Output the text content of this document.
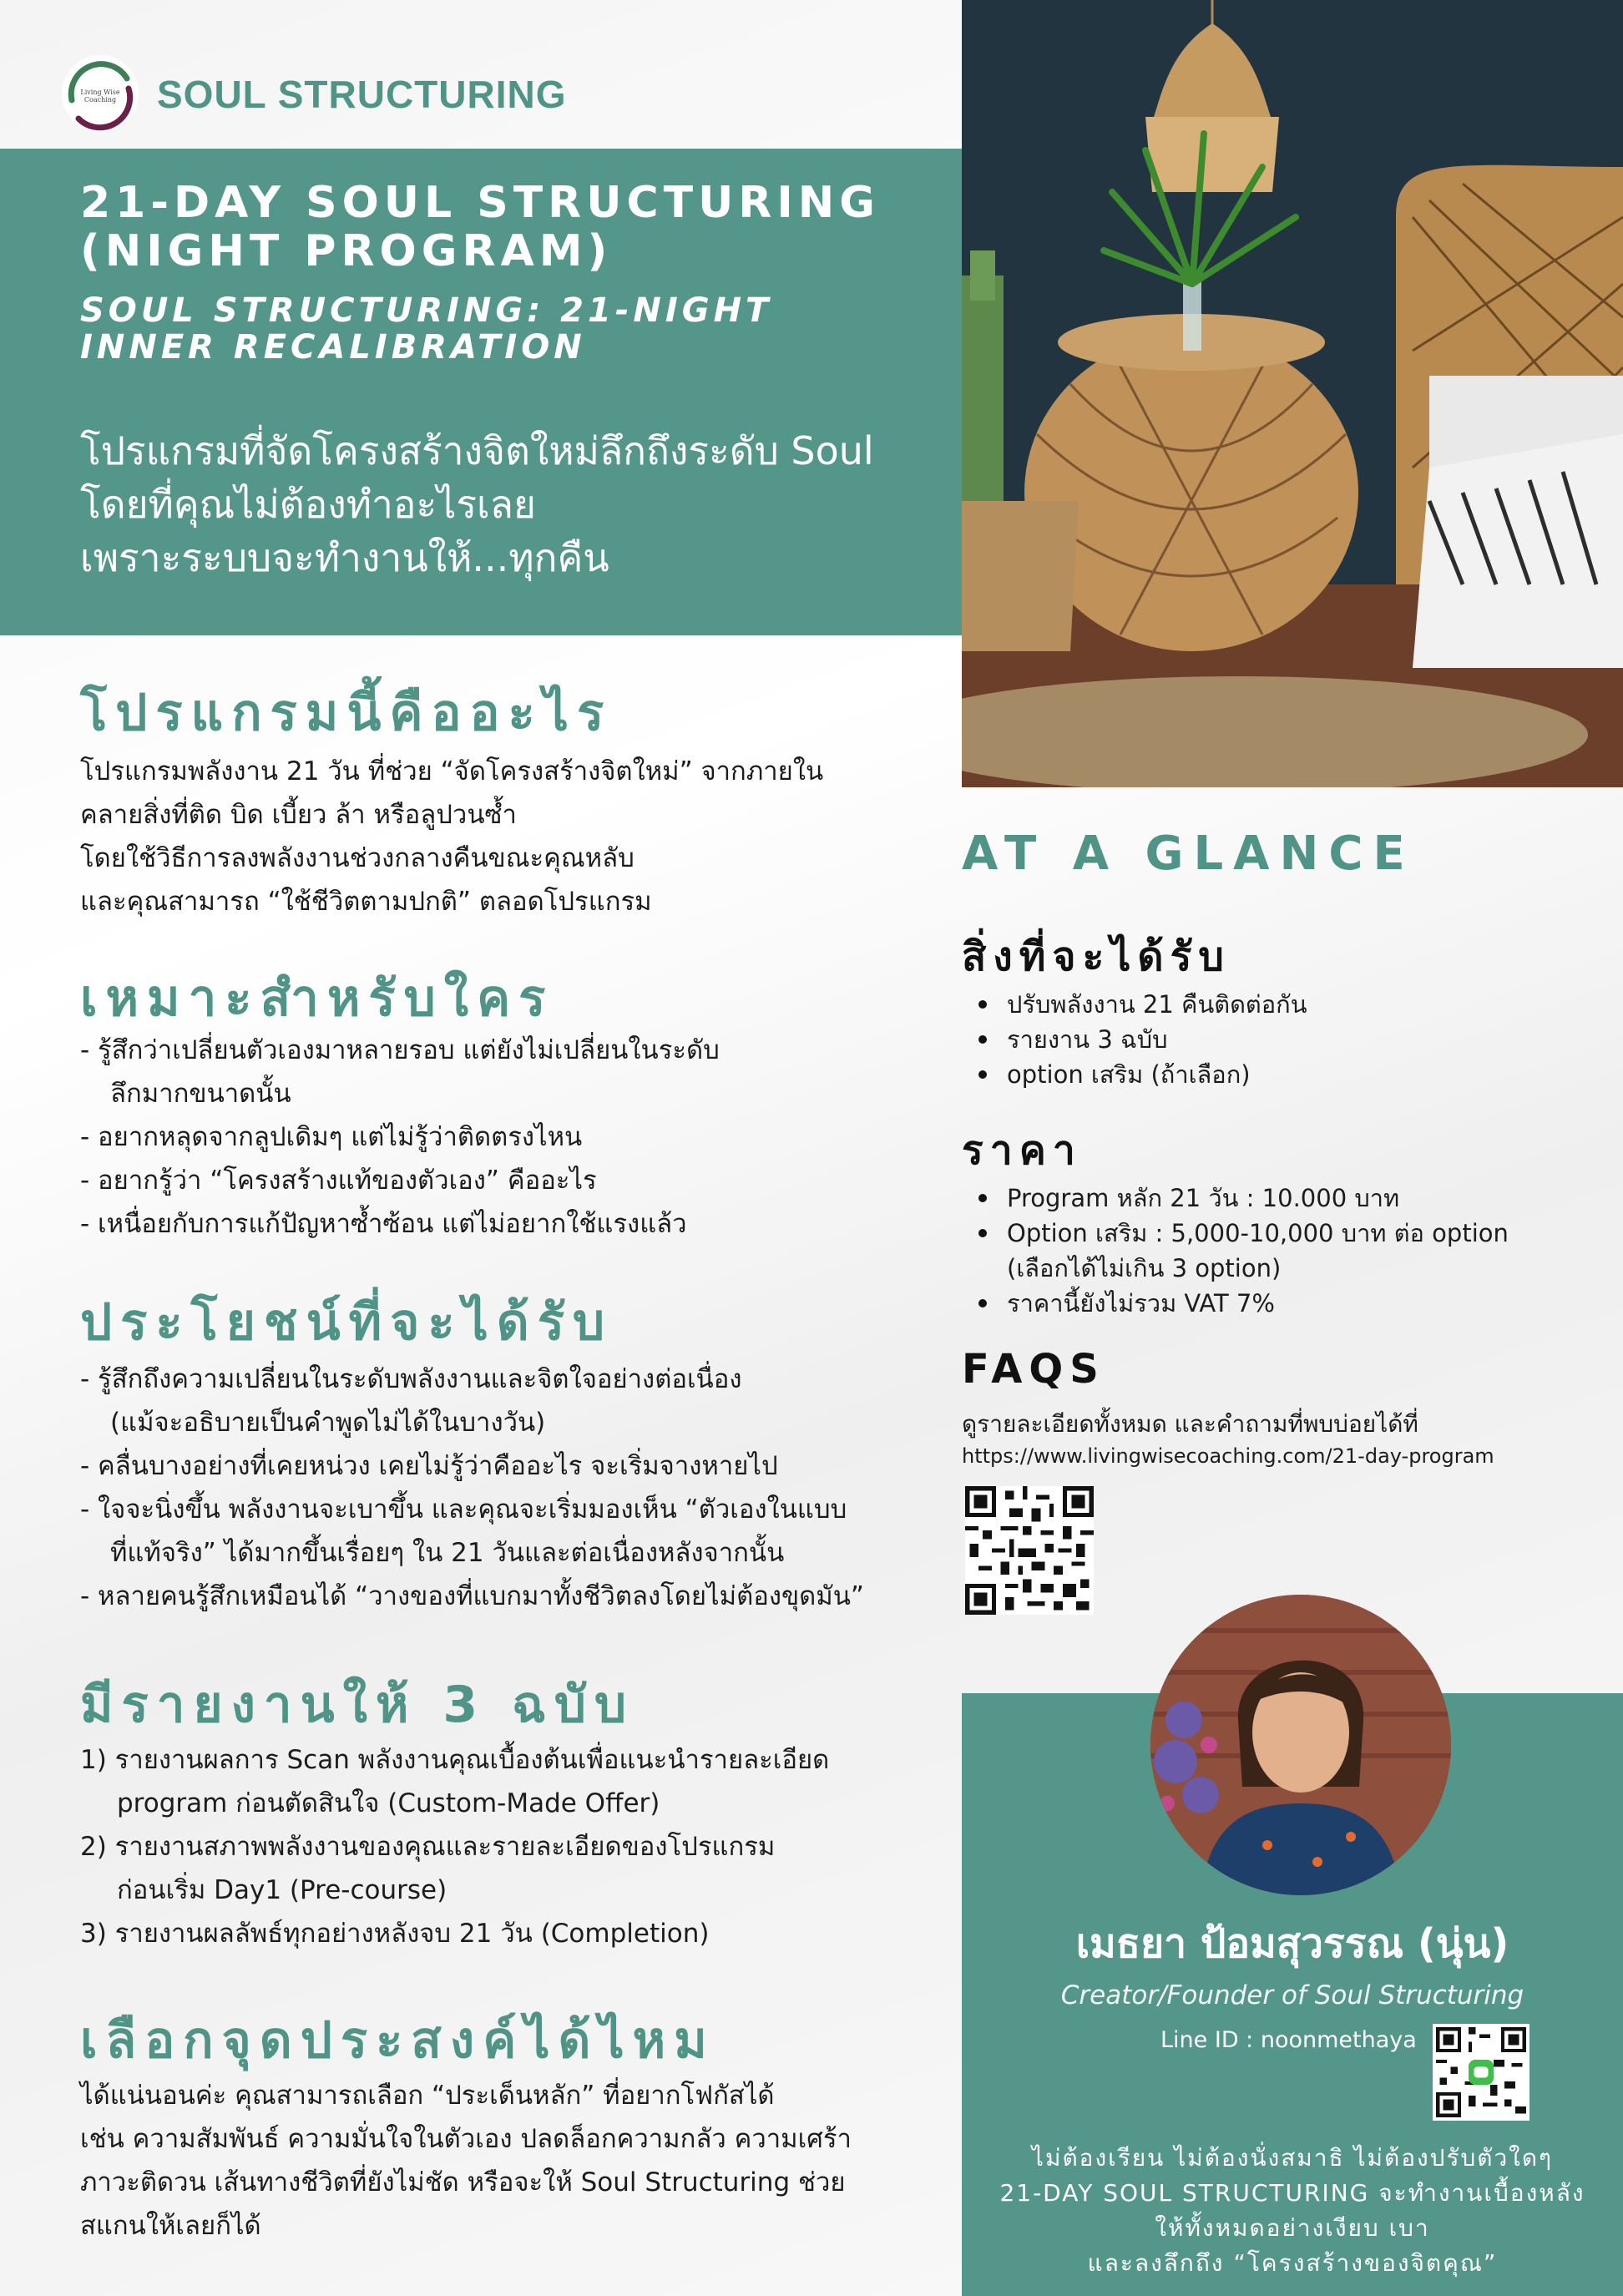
Living Wise Coaching	SOUL STRUCTURING
21-DAY SOUL STRUCTURING
(NIGHT PROGRAM)
SOUL STRUCTURING: 21-NIGHT
INNER RECALIBRATION
โปรแกรมที่จัดโครงสร้างจิตใหม่ลึกถึงระดับ Soul
โดยที่คุณไม่ต้องทำอะไรเลย
เพราะระบบจะทำงานให้...ทุกคืน
โปรแกรมนี้คืออะไร
โปรแกรมพลังงาน 21 วัน ที่ช่วย “จัดโครงสร้างจิตใหม่” จากภายใน
คลายสิ่งที่ติด บิด เบี้ยว ล้า หรือลูปวนซ้ำ
โดยใช้วิธีการลงพลังงานช่วงกลางคืนขณะคุณหลับ
และคุณสามารถ “ใช้ชีวิตตามปกติ” ตลอดโปรแกรม
เหมาะสำหรับใคร
- รู้สึกว่าเปลี่ยนตัวเองมาหลายรอบ แต่ยังไม่เปลี่ยนในระดับ
ลึกมากขนาดนั้น
- อยากหลุดจากลูปเดิมๆ แต่ไม่รู้ว่าติดตรงไหน
- อยากรู้ว่า “โครงสร้างแท้ของตัวเอง” คืออะไร
- เหนื่อยกับการแก้ปัญหาซ้ำซ้อน แต่ไม่อยากใช้แรงแล้ว
ประโยชน์ที่จะได้รับ
- รู้สึกถึงความเปลี่ยนในระดับพลังงานและจิตใจอย่างต่อเนื่อง
(แม้จะอธิบายเป็นคำพูดไม่ได้ในบางวัน)
- คลื่นบางอย่างที่เคยหน่วง เคยไม่รู้ว่าคืออะไร จะเริ่มจางหายไป
- ใจจะนิ่งขึ้น พลังงานจะเบาขึ้น และคุณจะเริ่มมองเห็น “ตัวเองในแบบ
ที่แท้จริง” ได้มากขึ้นเรื่อยๆ ใน 21 วันและต่อเนื่องหลังจากนั้น
- หลายคนรู้สึกเหมือนได้ “วางของที่แบกมาทั้งชีวิตลงโดยไม่ต้องขุดมัน”
มีรายงานให้ 3 ฉบับ
1) รายงานผลการ Scan พลังงานคุณเบื้องต้นเพื่อแนะนำรายละเอียด
program ก่อนตัดสินใจ (Custom-Made Offer)
2) รายงานสภาพพลังงานของคุณและรายละเอียดของโปรแกรม
ก่อนเริ่ม Day1 (Pre-course)
3) รายงานผลลัพธ์ทุกอย่างหลังจบ 21 วัน (Completion)
เลือกจุดประสงค์ได้ไหม
ได้แน่นอนค่ะ คุณสามารถเลือก “ประเด็นหลัก” ที่อยากโฟกัสได้
เช่น ความสัมพันธ์ ความมั่นใจในตัวเอง ปลดล็อกความกลัว ความเศร้า
ภาวะติดวน เส้นทางชีวิตที่ยังไม่ชัด หรือจะให้ Soul Structuring ช่วย
สแกนให้เลยก็ได้
AT A GLANCE
สิ่งที่จะได้รับ
ปรับพลังงาน 21 คืนติดต่อกัน
รายงาน 3 ฉบับ
option เสริม (ถ้าเลือก)
ราคา
Program หลัก 21 วัน : 10.000 บาท
Option เสริม : 5,000-10,000 บาท ต่อ option
(เลือกได้ไม่เกิน 3 option)
ราคานี้ยังไม่รวม VAT 7%
FAQS
ดูรายละเอียดทั้งหมด และคำถามที่พบบ่อยได้ที่
https://www.livingwisecoaching.com/21-day-program
เมธยา ป้อมสุวรรณ (นุ่น)
Creator/Founder of Soul Structuring
Line ID : noonmethaya
ไม่ต้องเรียน ไม่ต้องนั่งสมาธิ ไม่ต้องปรับตัวใดๆ
21-DAY SOUL STRUCTURING จะทำงานเบื้องหลัง
ให้ทั้งหมดอย่างเงียบ เบา
และลงลึกถึง “โครงสร้างของจิตคุณ”
